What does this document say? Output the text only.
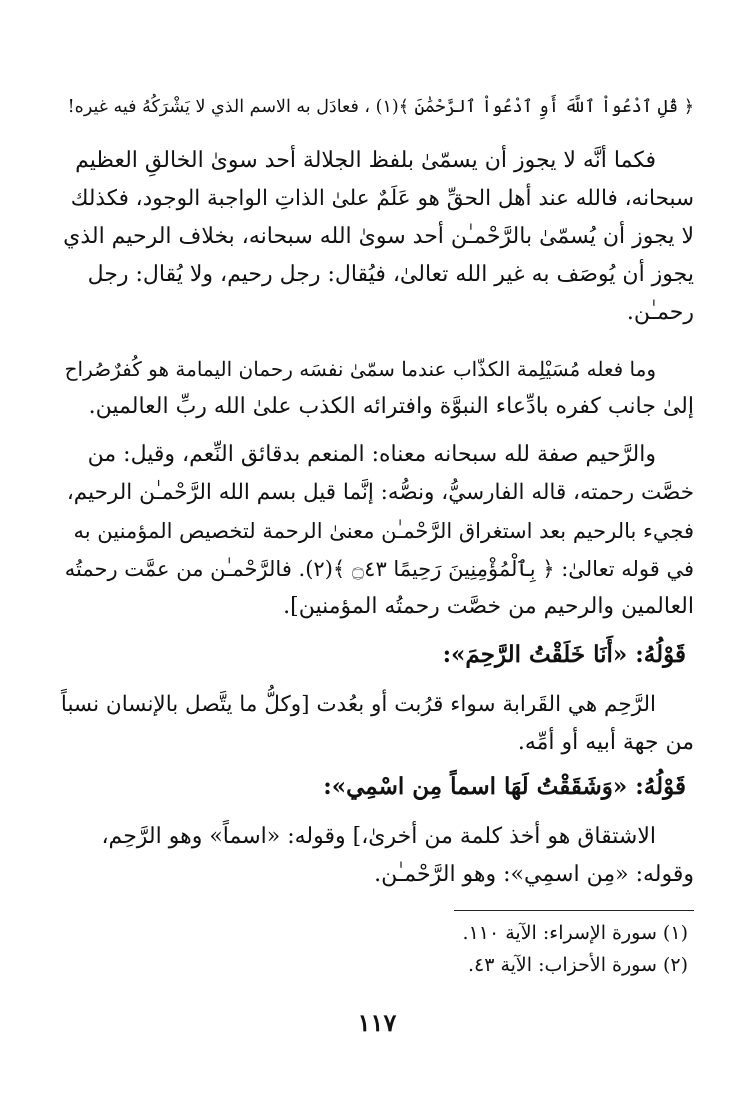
﴿ قُلِ ٱدْعُواْ ٱللَّهَ أَوِ ٱدْعُواْ ٱلرَّحْمَٰنَ ﴾(١) ، فعادَل به الاسم الذي لا يَشْرَكُهُ فيه غيره!
فكما أنَّه لا يجوز أن يسمّىٰ بلفظ الجلالة أحد سوىٰ الخالقِ العظيم
سبحانه، فالله عند أهل الحقِّ هو عَلَمٌ علىٰ الذاتِ الواجبة الوجود، فكذلك
لا يجوز أن يُسمّىٰ بالرَّحْمـٰن أحد سوىٰ الله سبحانه، بخلاف الرحيم الذي
يجوز أن يُوصَف به غير الله تعالىٰ، فيُقال: رجل رحيم، ولا يُقال: رجل
رحمـٰن.
وما فعله مُسَيْلِمة الكذّاب عندما سمّىٰ نفسَه رحمان اليمامة هو كُفرٌصُراح
إلىٰ جانب كفره بادِّعاء النبوَّة وافترائه الكذب علىٰ الله ربِّ العالمين.
والرَّحيم صفة لله سبحانه معناه: المنعم بدقائق النِّعم، وقيل: من
خصَّت رحمته، قاله الفارسيُّ، ونصُّه: إنَّما قيل بسم الله الرَّحْمـٰن الرحيم،
فجيء بالرحيم بعد استغراق الرَّحْمـٰن معنىٰ الرحمة لتخصيص المؤمنين به
في قوله تعالىٰ: ﴿ بِٱلْمُؤْمِنِينَ رَحِيمًا ۝٤٣ ﴾(٢). فالرَّحْمـٰن من عمَّت رحمتُه
العالمين والرحيم من خصَّت رحمتُه المؤمنين].
قَوْلُهُ: «أَنَا خَلَقْتُ الرَّحِمَ»:
الرَّحِم هي القَرابة سواء قرُبت أو بعُدت [وكلُّ ما يتَّصل بالإنسان نسباً
من جهة أبيه أو أمِّه.
قَوْلُهُ: «وَشَقَقْتُ لَهَا اسماً مِن اسْمِي»:
الاشتقاق هو أخذ كلمة من أخرىٰ،] وقوله: «اسماً» وهو الرَّحِم،
وقوله: «مِن اسمِي»: وهو الرَّحْمـٰن.
(١) سورة الإسراء: الآية ١١٠.
(٢) سورة الأحزاب: الآية ٤٣.
١١٧
